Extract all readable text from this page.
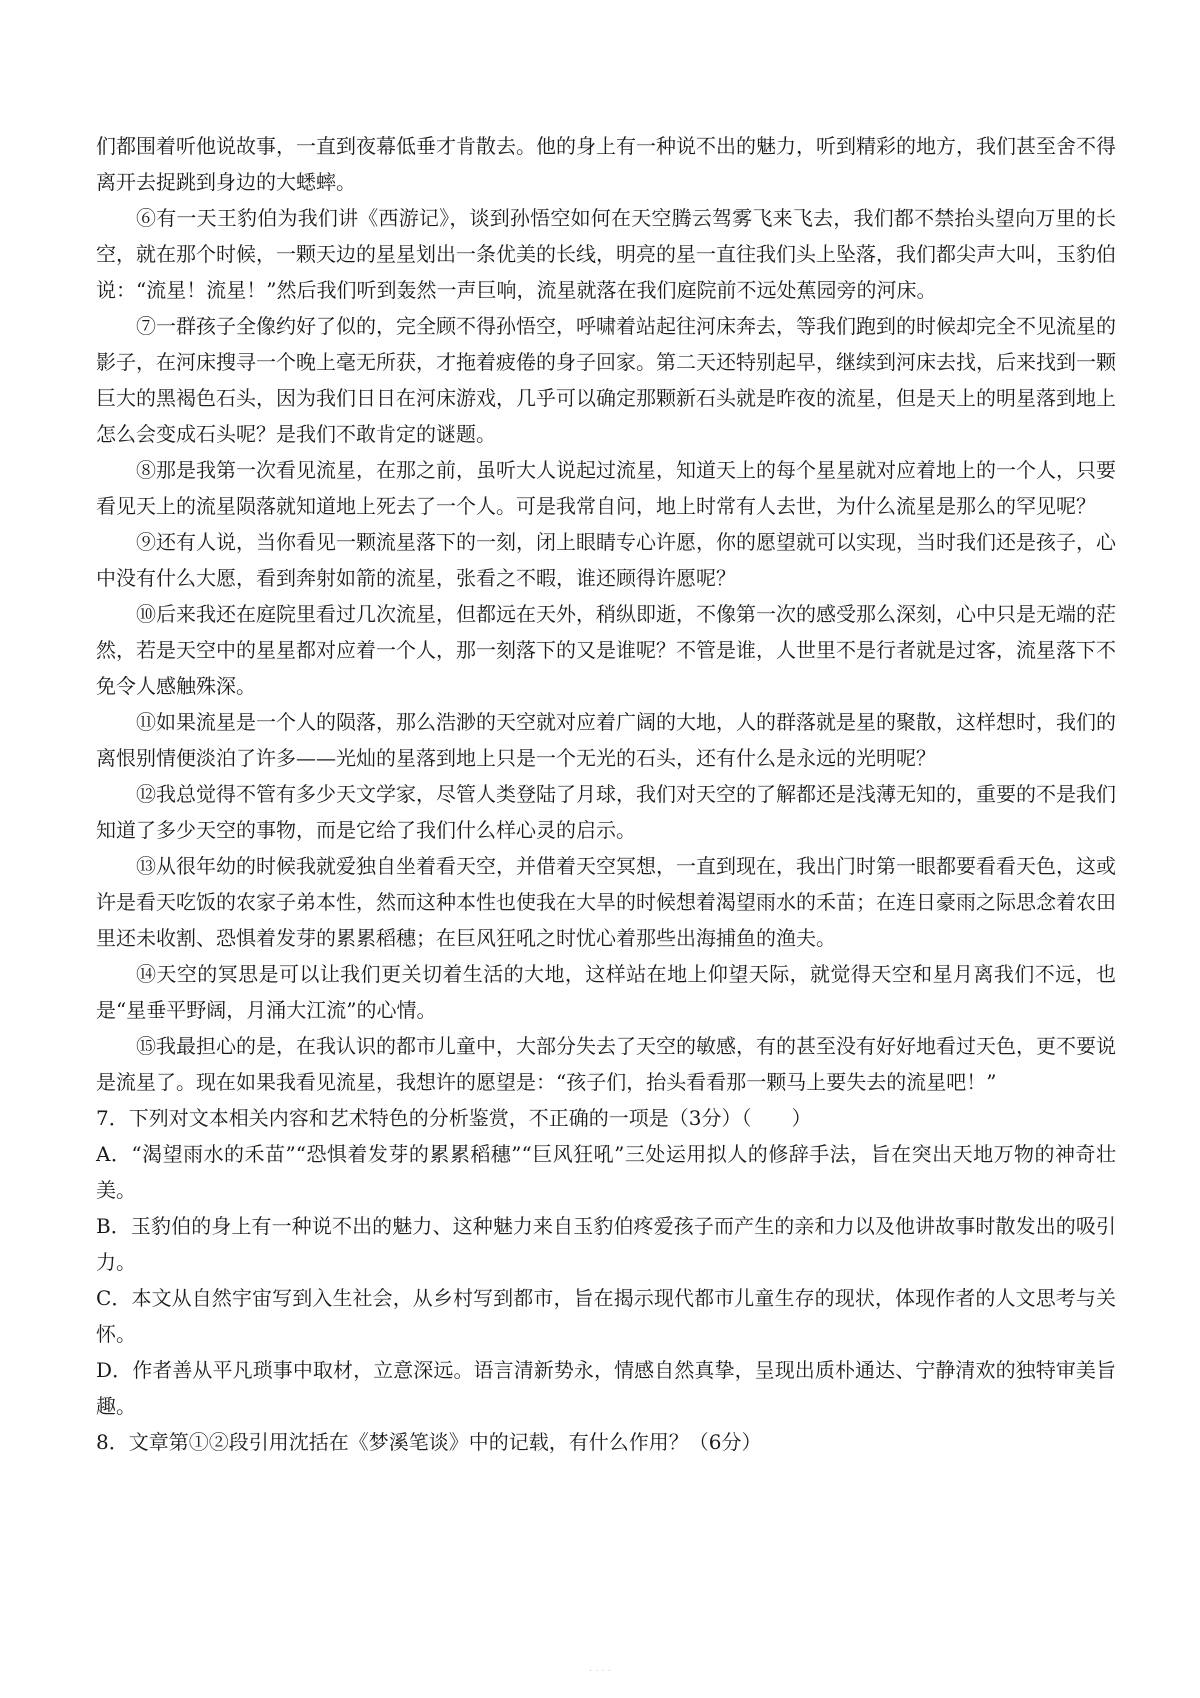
们都围着听他说故事，一直到夜幕低垂才肯散去。他的身上有一种说不出的魅力，听到精彩的地方，我们甚至舍不得离开去捉跳到身边的大蟋蟀。

⑥有一天王豹伯为我们讲《西游记》，谈到孙悟空如何在天空腾云驾雾飞来飞去，我们都不禁抬头望向万里的长空，就在那个时候，一颗天边的星星划出一条优美的长线，明亮的星一直往我们头上坠落，我们都尖声大叫，玉豹伯说：“流星！流星！”然后我们听到轰然一声巨响，流星就落在我们庭院前不远处蕉园旁的河床。

⑦一群孩子全像约好了似的，完全顾不得孙悟空，呼啸着站起往河床奔去，等我们跑到的时候却完全不见流星的影子，在河床搜寻一个晚上毫无所获，才拖着疲倦的身子回家。第二天还特别起早，继续到河床去找，后来找到一颗巨大的黑褐色石头，因为我们日日在河床游戏，几乎可以确定那颗新石头就是昨夜的流星，但是天上的明星落到地上怎么会变成石头呢？是我们不敢肯定的谜题。

⑧那是我第一次看见流星，在那之前，虽听大人说起过流星，知道天上的每个星星就对应着地上的一个人，只要看见天上的流星陨落就知道地上死去了一个人。可是我常自问，地上时常有人去世，为什么流星是那么的罕见呢？

⑨还有人说，当你看见一颗流星落下的一刻，闭上眼睛专心许愿，你的愿望就可以实现，当时我们还是孩子，心中没有什么大愿，看到奔射如箭的流星，张看之不暇，谁还顾得许愿呢？

⑩后来我还在庭院里看过几次流星，但都远在天外，稍纵即逝，不像第一次的感受那么深刻，心中只是无端的茫然，若是天空中的星星都对应着一个人，那一刻落下的又是谁呢？不管是谁，人世里不是行者就是过客，流星落下不免令人感触殊深。

⑪如果流星是一个人的陨落，那么浩渺的天空就对应着广阔的大地，人的群落就是星的聚散，这样想时，我们的离恨别情便淡泊了许多——光灿的星落到地上只是一个无光的石头，还有什么是永远的光明呢？

⑫我总觉得不管有多少天文学家，尽管人类登陆了月球，我们对天空的了解都还是浅薄无知的，重要的不是我们知道了多少天空的事物，而是它给了我们什么样心灵的启示。

⑬从很年幼的时候我就爱独自坐着看天空，并借着天空冥想，一直到现在，我出门时第一眼都要看看天色，这或许是看天吃饭的农家子弟本性，然而这种本性也使我在大旱的时候想着渴望雨水的禾苗；在连日豪雨之际思念着农田里还未收割、恐惧着发芽的累累稻穗；在巨风狂吼之时忧心着那些出海捕鱼的渔夫。

⑭天空的冥思是可以让我们更关切着生活的大地，这样站在地上仰望天际，就觉得天空和星月离我们不远，也是“星垂平野阔，月涌大江流”的心情。

⑮我最担心的是，在我认识的都市儿童中，大部分失去了天空的敏感，有的甚至没有好好地看过天色，更不要说是流星了。现在如果我看见流星，我想许的愿望是：“孩子们，抬头看看那一颗马上要失去的流星吧！”

7．下列对文本相关内容和艺术特色的分析鉴赏，不正确的一项是（3分）（　　）

A．“渴望雨水的禾苗”“恐惧着发芽的累累稻穗”“巨风狂吼”三处运用拟人的修辞手法，旨在突出天地万物的神奇壮美。

B．玉豹伯的身上有一种说不出的魅力、这种魅力来自玉豹伯疼爱孩子而产生的亲和力以及他讲故事时散发出的吸引力。

C．本文从自然宇宙写到入生社会，从乡村写到都市，旨在揭示现代都市儿童生存的现状，体现作者的人文思考与关怀。

D．作者善从平凡琐事中取材，立意深远。语言清新势永，情感自然真挚，呈现出质朴通达、宁静清欢的独特审美旨趣。

8．文章第①②段引用沈括在《梦溪笔谈》中的记载，有什么作用？（6分）

· · · ·
